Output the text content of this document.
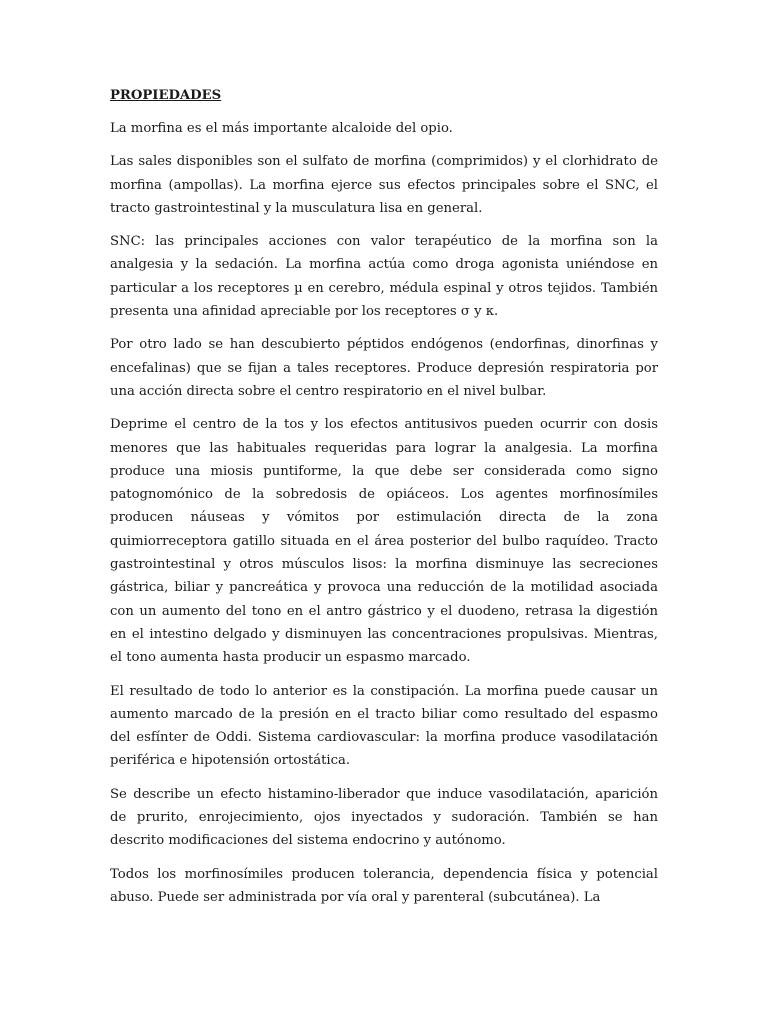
PROPIEDADES

La morfina es el más importante alcaloide del opio.

Las sales disponibles son el sulfato de morfina (comprimidos) y el clorhidrato de morfina (ampollas). La morfina ejerce sus efectos principales sobre el SNC, el tracto gastrointestinal y la musculatura lisa en general.

SNC: las principales acciones con valor terapéutico de la morfina son la analgesia y la sedación. La morfina actúa como droga agonista uniéndose en particular a los receptores µ en cerebro, médula espinal y otros tejidos. También presenta una afinidad apreciable por los receptores σ y κ.

Por otro lado se han descubierto péptidos endógenos (endorfinas, dinorfinas y encefalinas) que se fijan a tales receptores. Produce depresión respiratoria por una acción directa sobre el centro respiratorio en el nivel bulbar.

Deprime el centro de la tos y los efectos antitusivos pueden ocurrir con dosis menores que las habituales requeridas para lograr la analgesia. La morfina produce una miosis puntiforme, la que debe ser considerada como signo patognomónico de la sobredosis de opiáceos. Los agentes morfinosímiles producen náuseas y vómitos por estimulación directa de la zona quimiorreceptora gatillo situada en el área posterior del bulbo raquídeo. Tracto gastrointestinal y otros músculos lisos: la morfina disminuye las secreciones gástrica, biliar y pancreática y provoca una reducción de la motilidad asociada con un aumento del tono en el antro gástrico y el duodeno, retrasa la digestión en el intestino delgado y disminuyen las concentraciones propulsivas. Mientras, el tono aumenta hasta producir un espasmo marcado.

El resultado de todo lo anterior es la constipación. La morfina puede causar un aumento marcado de la presión en el tracto biliar como resultado del espasmo del esfínter de Oddi. Sistema cardiovascular: la morfina produce vasodilatación periférica e hipotensión ortostática.

Se describe un efecto histamino-liberador que induce vasodilatación, aparición de prurito, enrojecimiento, ojos inyectados y sudoración. También se han descrito modificaciones del sistema endocrino y autónomo.

Todos los morfinosímiles producen tolerancia, dependencia física y potencial abuso. Puede ser administrada por vía oral y parenteral (subcutánea). La
